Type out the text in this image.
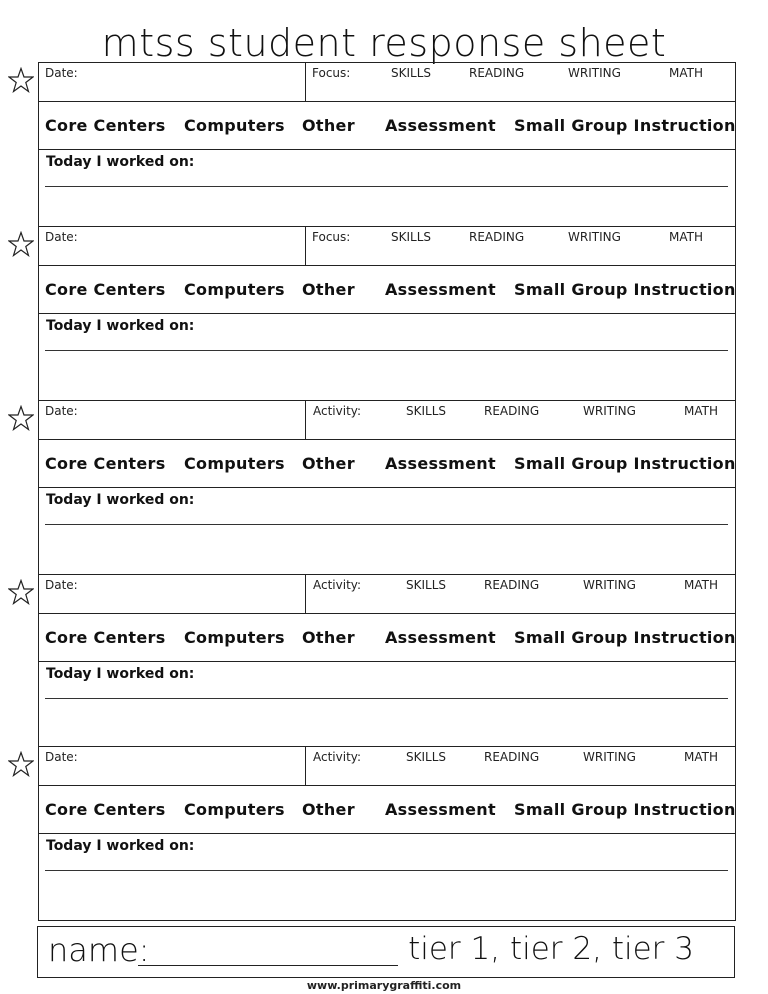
mtss student response sheet
Date:	Focus:	SKILLS	READING	WRITING	MATH
Core Centers Computers Other Assessment Small Group Instruction
Today I worked on:
Date:	Focus:	SKILLS	READING	WRITING	MATH
Core Centers Computers Other Assessment Small Group Instruction
Today I worked on:
Date:	Activity:	SKILLS	READING	WRITING	MATH
Core Centers Computers Other Assessment Small Group Instruction
Today I worked on:
Date:	Activity:	SKILLS	READING	WRITING	MATH
Core Centers Computers Other Assessment Small Group Instruction
Today I worked on:
Date:	Activity:	SKILLS	READING	WRITING	MATH
Core Centers Computers Other Assessment Small Group Instruction
Today I worked on:
name:	tier 1, tier 2, tier 3
www.primarygraffiti.com
